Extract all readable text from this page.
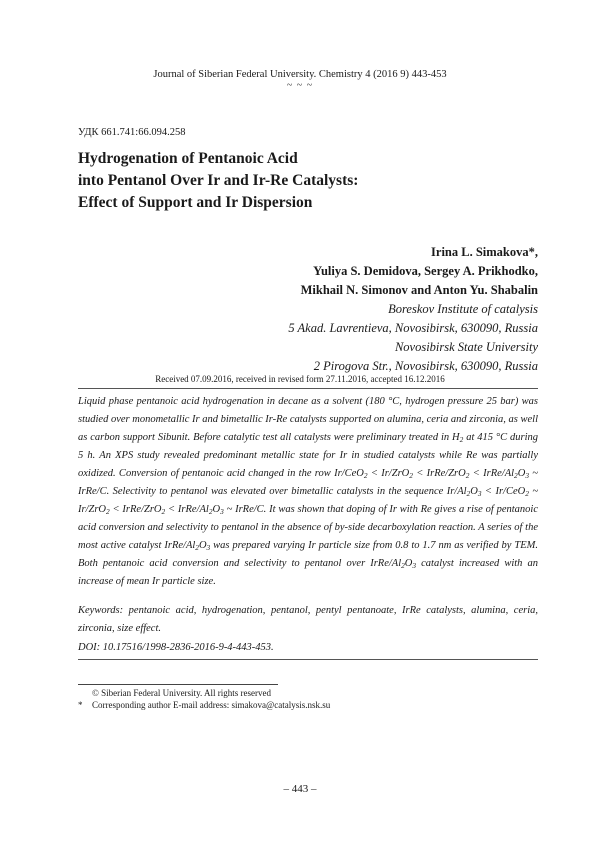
Journal of Siberian Federal University. Chemistry 4 (2016 9) 443-453
~ ~ ~
УДК 661.741:66.094.258
Hydrogenation of Pentanoic Acid
into Pentanol Over Ir and Ir-Re Catalysts:
Effect of Support and Ir Dispersion
Irina L. Simakova*,
Yuliya S. Demidova, Sergey A. Prikhodko,
Mikhail N. Simonov and Anton Yu. Shabalin
Boreskov Institute of catalysis
5 Akad. Lavrentieva, Novosibirsk, 630090, Russia
Novosibirsk State University
2 Pirogova Str., Novosibirsk, 630090, Russia
Received 07.09.2016, received in revised form 27.11.2016, accepted 16.12.2016

Liquid phase pentanoic acid hydrogenation in decane as a solvent (180 °C, hydrogen pressure 25 bar) was studied over monometallic Ir and bimetallic Ir-Re catalysts supported on alumina, ceria and zirconia, as well as carbon support Sibunit. Before catalytic test all catalysts were preliminary treated in $H_2$ at 415 °C during 5 h. An XPS study revealed predominant metallic state for Ir in studied catalysts while Re was partially oxidized. Conversion of pentanoic acid changed in the row Ir/CeO$_2$ < Ir/ZrO$_2$ < IrRe/ZrO$_2$ < IrRe/$Al_2O_3$ ~ IrRe/C. Selectivity to pentanol was elevated over bimetallic catalysts in the sequence $Ir/Al_2O_3 < Ir/CeO_2$ ~ Ir/ZrO$_2$ < IrRe/ZrO$_2$ < IrRe/$Al_2O_3$ ~ IrRe/C. It was shown that doping of Ir with Re gives a rise of pentanoic acid conversion and selectivity to pentanol in the absence of by-side decarboxylation reaction. A series of the most active catalyst IrRe/$Al_2O_3$ was prepared varying Ir particle size from 0.8 to 1.7 nm as verified by TEM. Both pentanoic acid conversion and selectivity to pentanol over IrRe/$Al_2O_3$ catalyst increased with an increase of mean Ir particle size.

Keywords: pentanoic acid, hydrogenation, pentanol, pentyl pentanoate, IrRe catalysts, alumina, ceria, zirconia, size effect.
DOI: 10.17516/1998-2836-2016-9-4-443-453.
© Siberian Federal University. All rights reserved
* Corresponding author E-mail address: simakova@catalysis.nsk.su
– 443 –
